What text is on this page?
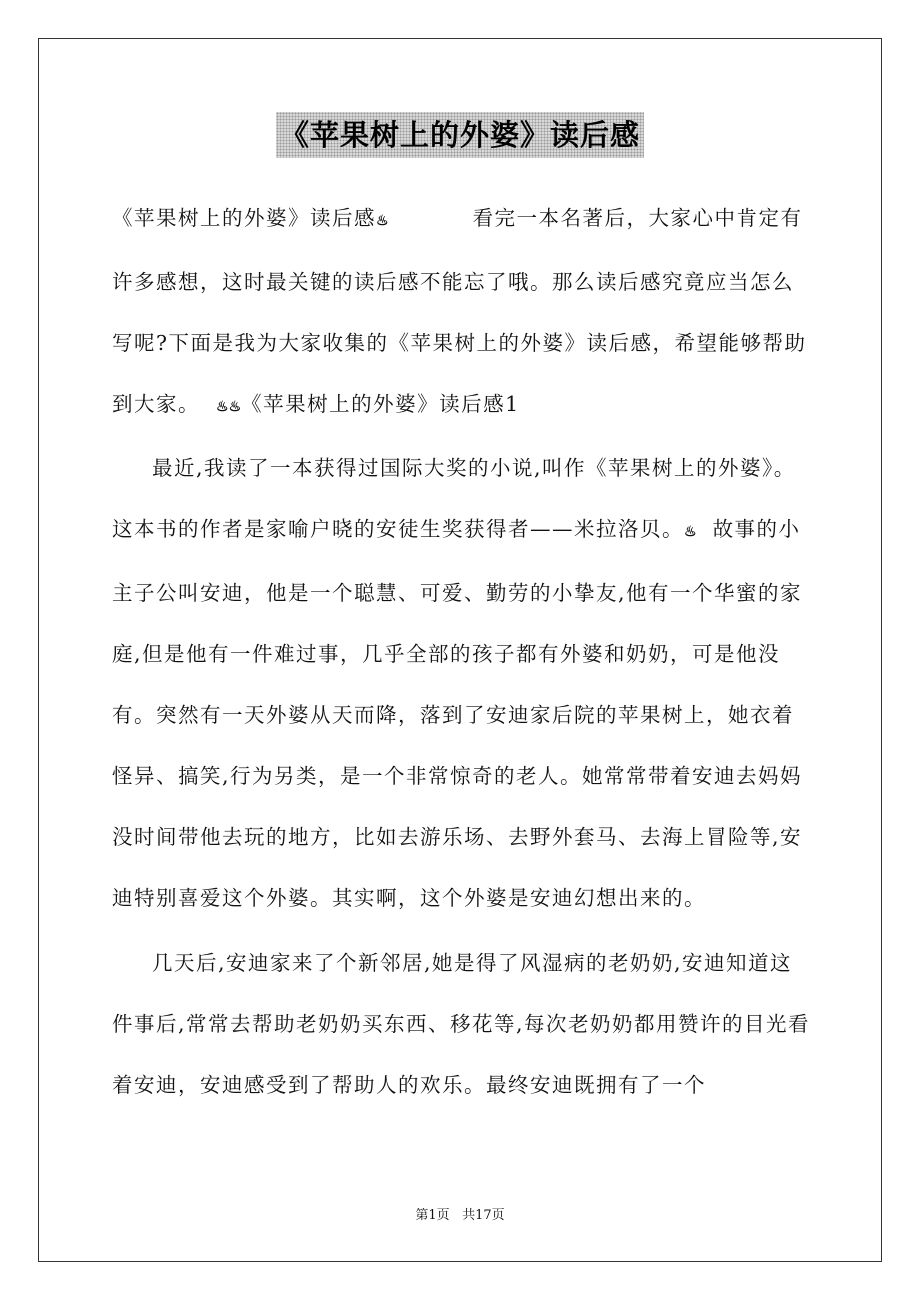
《苹果树上的外婆》读后感

《苹果树上的外婆》读后感♨	看完一本名著后，大家心中肯定有许多感想，这时最关键的读后感不能忘了哦。那么读后感究竟应当怎么写呢?下面是我为大家收集的《苹果树上的外婆》读后感，希望能够帮助到大家。 ♨♨《苹果树上的外婆》读后感1

最近,我读了一本获得过国际大奖的小说,叫作《苹果树上的外婆》。这本书的作者是家喻户晓的安徒生奖获得者——米拉洛贝。♨ 故事的小主子公叫安迪，他是一个聪慧、可爱、勤劳的小挚友,他有一个华蜜的家庭,但是他有一件难过事，几乎全部的孩子都有外婆和奶奶，可是他没有。突然有一天外婆从天而降，落到了安迪家后院的苹果树上，她衣着怪异、搞笑,行为另类，是一个非常惊奇的老人。她常常带着安迪去妈妈没时间带他去玩的地方，比如去游乐场、去野外套马、去海上冒险等,安迪特别喜爱这个外婆。其实啊，这个外婆是安迪幻想出来的。

几天后,安迪家来了个新邻居,她是得了风湿病的老奶奶,安迪知道这件事后,常常去帮助老奶奶买东西、移花等,每次老奶奶都用赞许的目光看着安迪，安迪感受到了帮助人的欢乐。最终安迪既拥有了一个

第1页 共17页
